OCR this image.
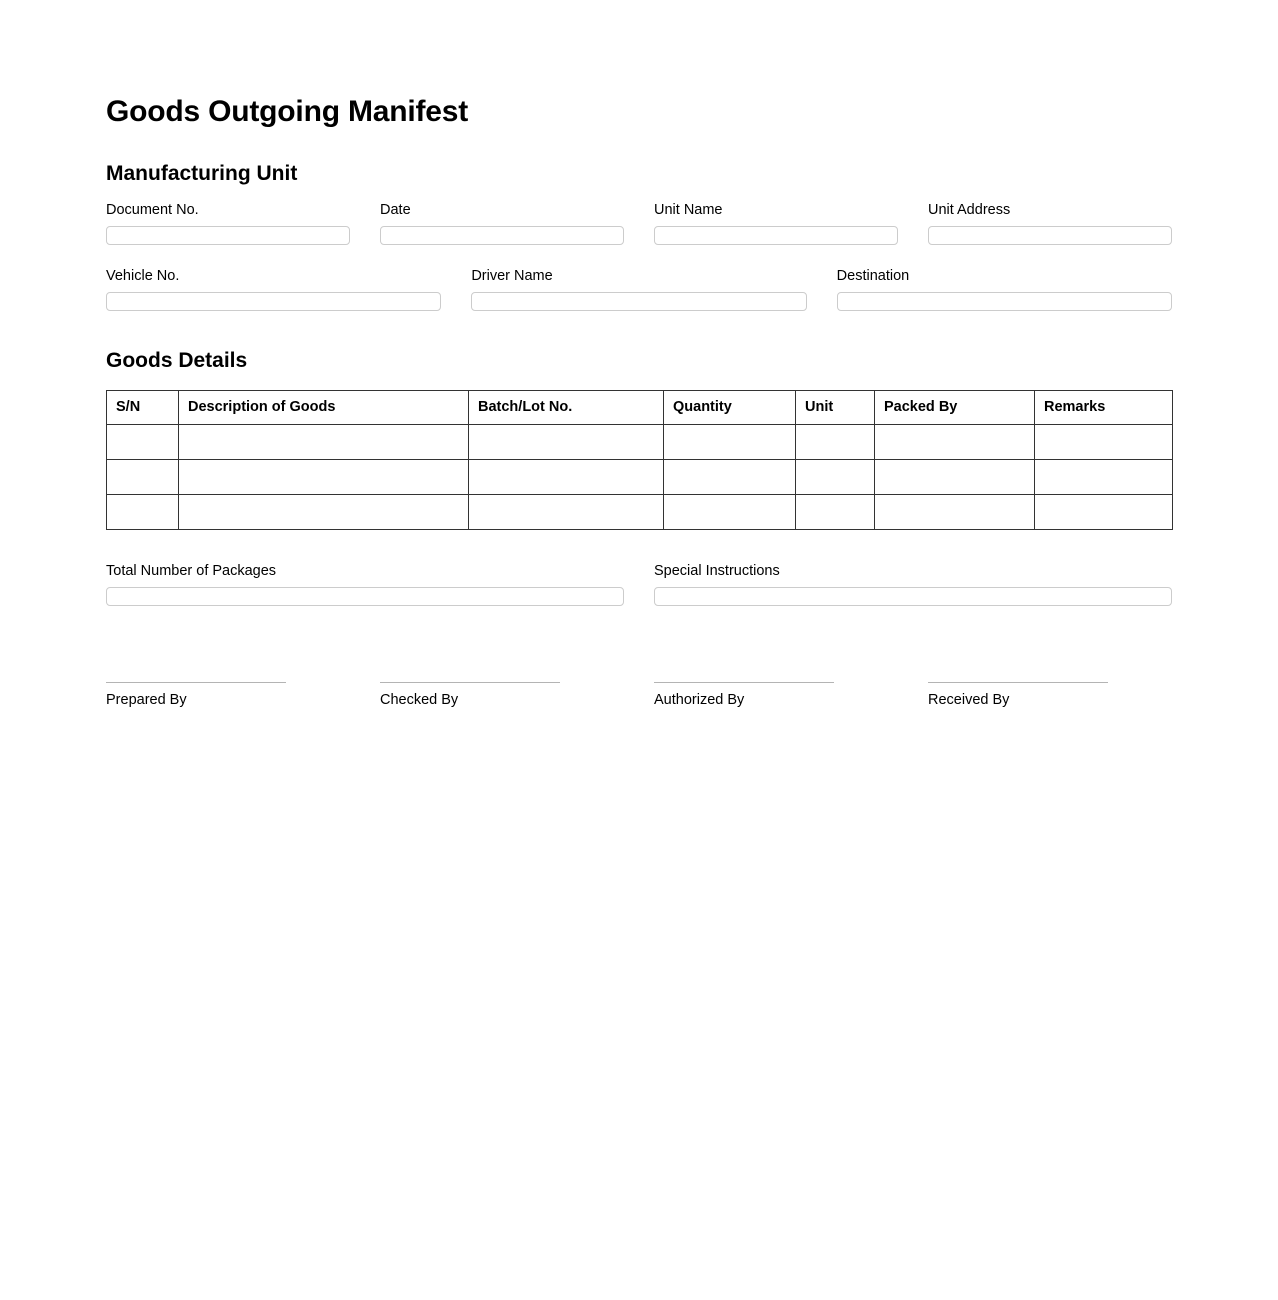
Goods Outgoing Manifest
Manufacturing Unit
Document No.	Date	Unit Name	Unit Address
Vehicle No.	Driver Name	Destination
Goods Details
S/N	Description of Goods	Batch/Lot No.	Quantity	Unit	Packed By	Remarks

Total Number of Packages	Special Instructions
Prepared By	Checked By	Authorized By	Received By
